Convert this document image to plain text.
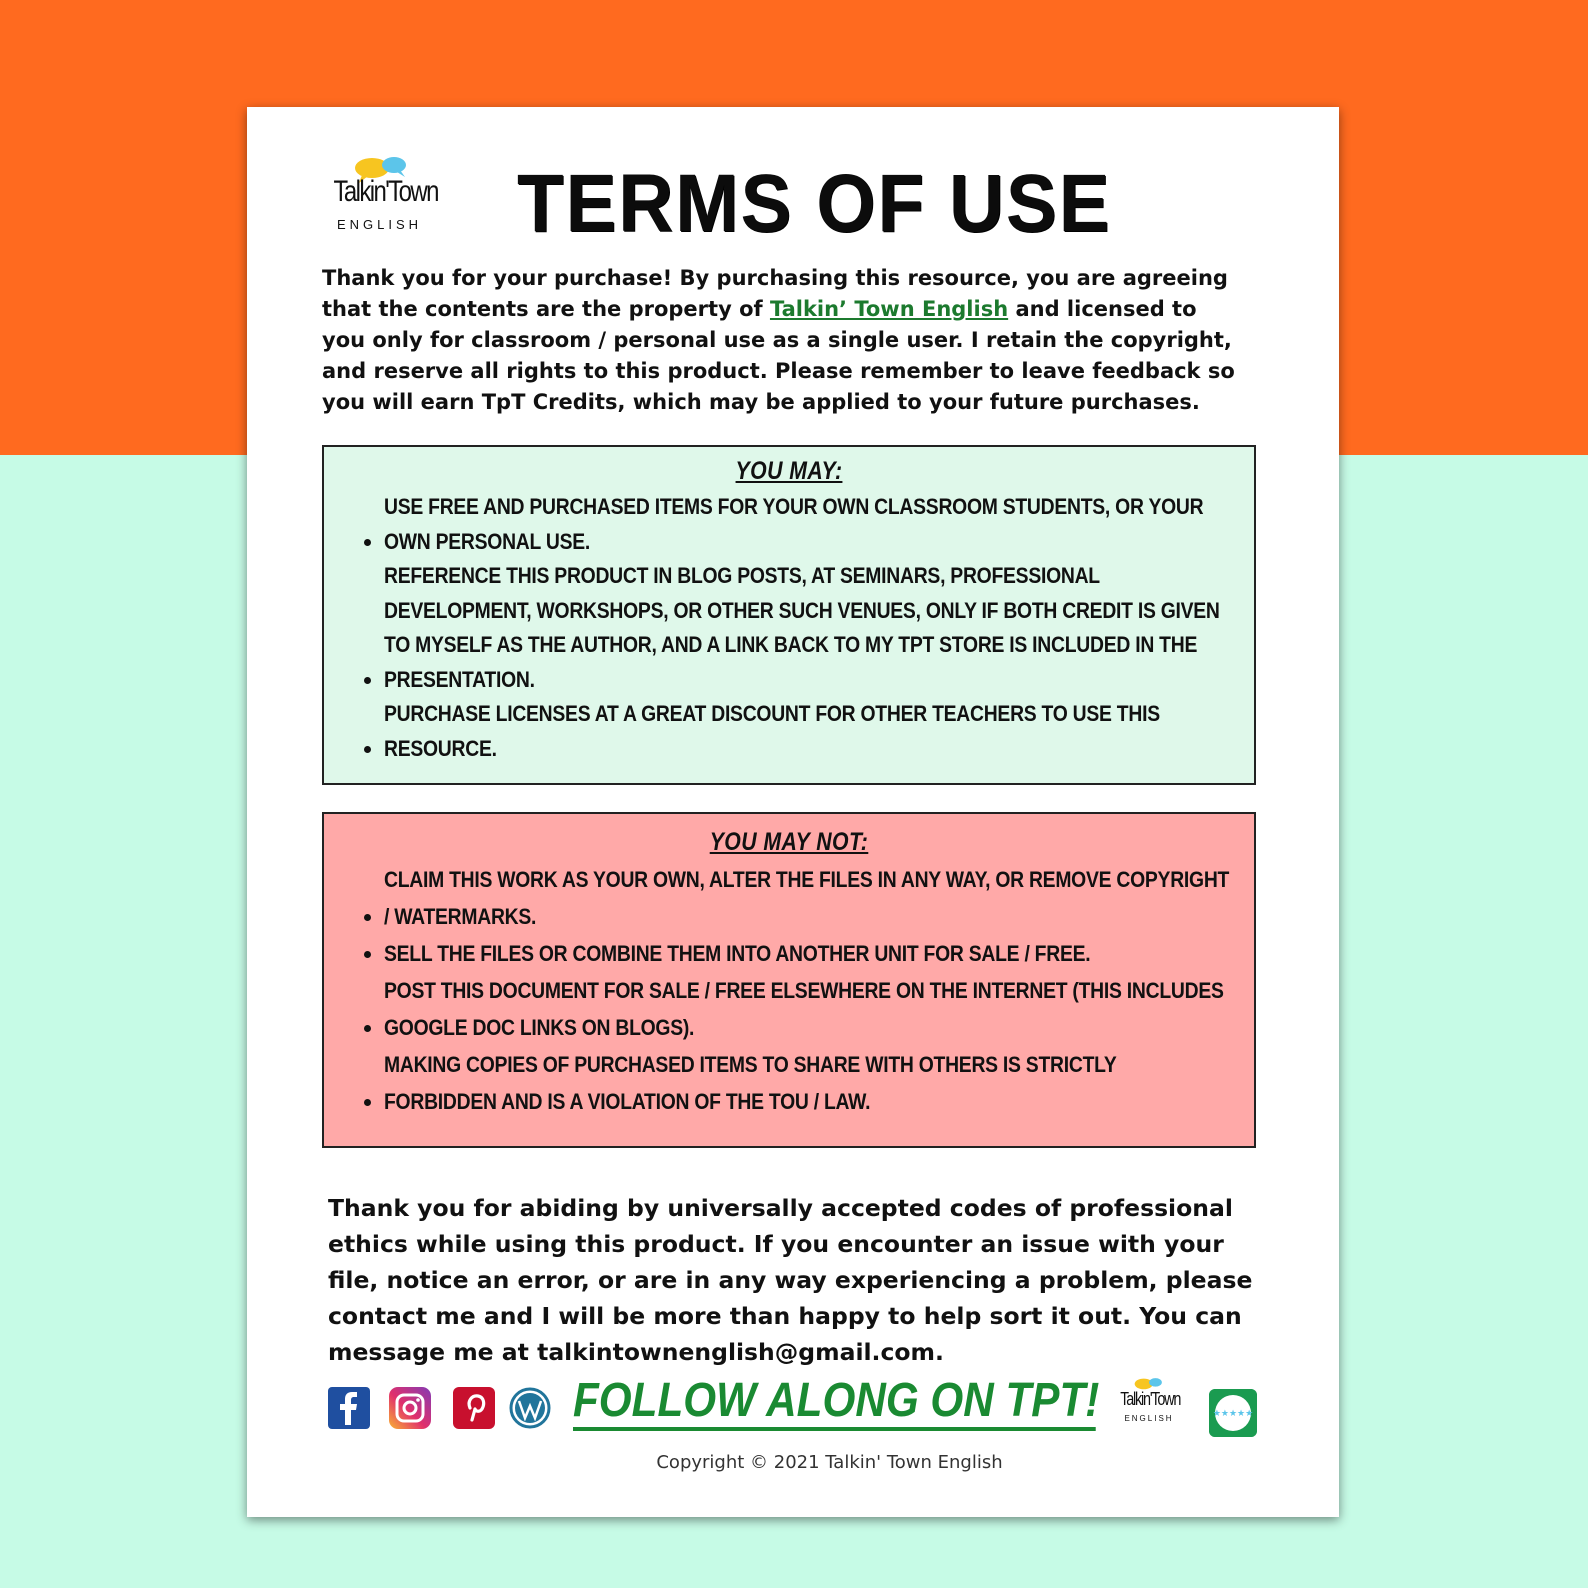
Talkin'Town
ENGLISH TERMS OF USE
Thank you for your purchase! By purchasing this resource, you are agreeing that the contents are the property of Talkin’ Town English and licensed to you only for classroom / personal use as a single user. I retain the copyright, and reserve all rights to this product. Please remember to leave feedback so you will earn TpT Credits, which may be applied to your future purchases.
YOU MAY:
• USE FREE AND PURCHASED ITEMS FOR YOUR OWN CLASSROOM STUDENTS, OR YOUR OWN PERSONAL USE.
• REFERENCE THIS PRODUCT IN BLOG POSTS, AT SEMINARS, PROFESSIONAL DEVELOPMENT, WORKSHOPS, OR OTHER SUCH VENUES, ONLY IF BOTH CREDIT IS GIVEN TO MYSELF AS THE AUTHOR, AND A LINK BACK TO MY TPT STORE IS INCLUDED IN THE PRESENTATION.
• PURCHASE LICENSES AT A GREAT DISCOUNT FOR OTHER TEACHERS TO USE THIS RESOURCE.
YOU MAY NOT:
• CLAIM THIS WORK AS YOUR OWN, ALTER THE FILES IN ANY WAY, OR REMOVE COPYRIGHT / WATERMARKS.
• SELL THE FILES OR COMBINE THEM INTO ANOTHER UNIT FOR SALE / FREE.
• POST THIS DOCUMENT FOR SALE / FREE ELSEWHERE ON THE INTERNET (THIS INCLUDES GOOGLE DOC LINKS ON BLOGS).
• MAKING COPIES OF PURCHASED ITEMS TO SHARE WITH OTHERS IS STRICTLY FORBIDDEN AND IS A VIOLATION OF THE TOU / LAW.
Thank you for abiding by universally accepted codes of professional ethics while using this product. If you encounter an issue with your file, notice an error, or are in any way experiencing a problem, please contact me and I will be more than happy to help sort it out. You can message me at talkintownenglish@gmail.com.
FOLLOW ALONG ON TPT! Talkin'Town
ENGLISH	★★★★★
Copyright © 2021 Talkin' Town English
